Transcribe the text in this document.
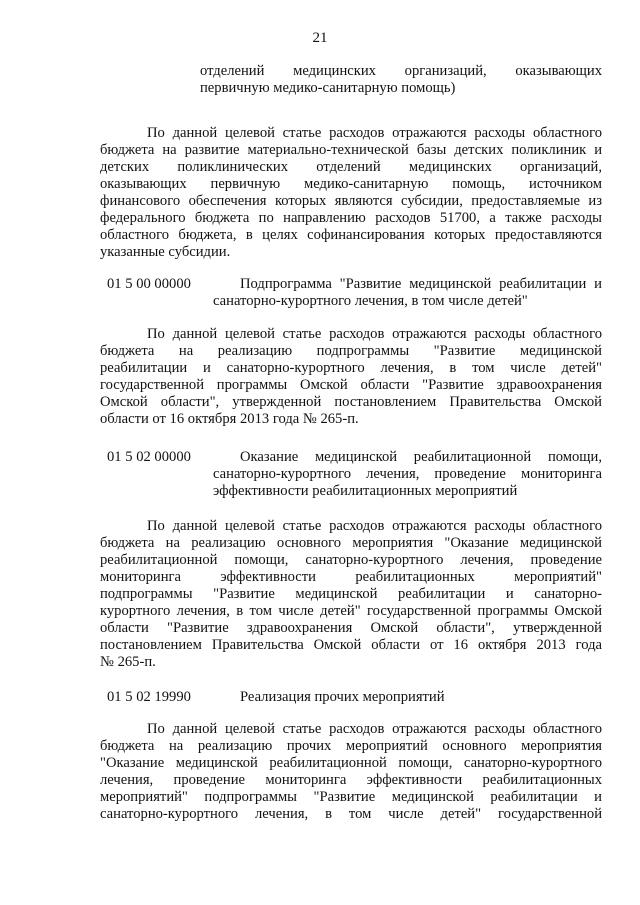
21
отделений медицинских организаций, оказывающих
первичную медико-санитарную помощь)

По данной целевой статье расходов отражаются расходы областного

бюджета на развитие материально-технической базы детских поликлиник и

детских поликлинических отделений медицинских организаций,

оказывающих первичную медико-санитарную помощь, источником

финансового обеспечения которых являются субсидии, предоставляемые из

федерального бюджета по направлению расходов 51700, а также расходы

областного бюджета, в целях софинансирования которых предоставляются

указанные субсидии.

01 5 00 00000	Подпрограмма "Развитие медицинской реабилитации и
санаторно-курортного лечения, в том числе детей"

По данной целевой статье расходов отражаются расходы областного

бюджета на реализацию подпрограммы "Развитие медицинской

реабилитации и санаторно-курортного лечения, в том числе детей"

государственной программы Омской области "Развитие здравоохранения

Омской области", утвержденной постановлением Правительства Омской

области от 16 октября 2013 года № 265-п.

01 5 02 00000	Оказание медицинской реабилитационной помощи,
санаторно-курортного лечения, проведение мониторинга
эффективности реабилитационных мероприятий

По данной целевой статье расходов отражаются расходы областного

бюджета на реализацию основного мероприятия "Оказание медицинской

реабилитационной помощи, санаторно-курортного лечения, проведение

мониторинга эффективности реабилитационных мероприятий"

подпрограммы "Развитие медицинской реабилитации и санаторно-

курортного лечения, в том числе детей" государственной программы Омской

области "Развитие здравоохранения Омской области", утвержденной

постановлением Правительства Омской области от 16 октября 2013 года

№ 265-п.

01 5 02 19990	Реализация прочих мероприятий

По данной целевой статье расходов отражаются расходы областного

бюджета на реализацию прочих мероприятий основного мероприятия

"Оказание медицинской реабилитационной помощи, санаторно-курортного

лечения, проведение мониторинга эффективности реабилитационных

мероприятий" подпрограммы "Развитие медицинской реабилитации и

санаторно-курортного лечения, в том числе детей" государственной
